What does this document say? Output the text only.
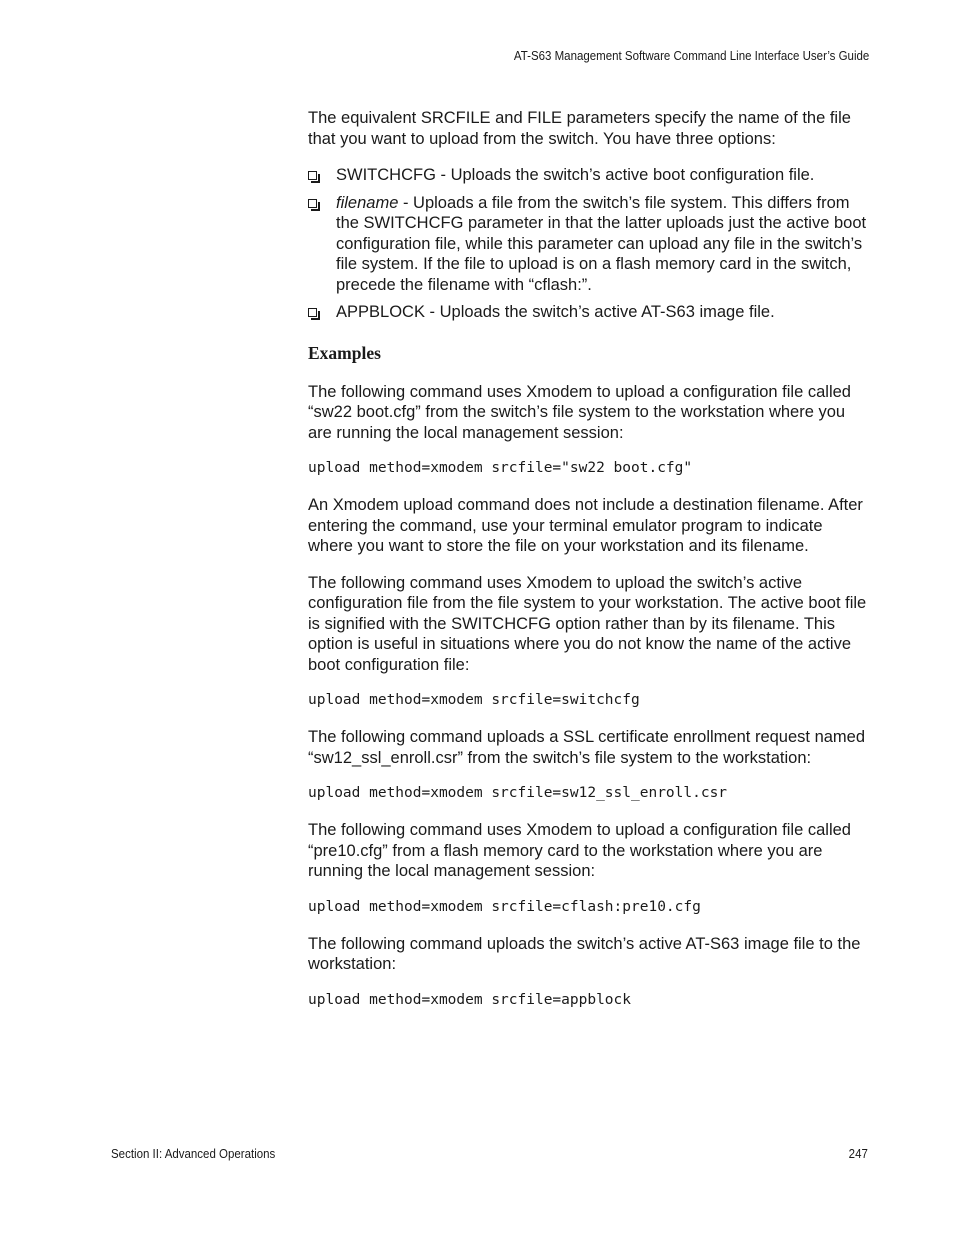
AT-S63 Management Software Command Line Interface User’s Guide

The equivalent SRCFILE and FILE parameters specify the name of the file that you want to upload from the switch. You have three options:

SWITCHCFG - Uploads the switch’s active boot configuration file.
filename - Uploads a file from the switch’s file system. This differs from the SWITCHCFG parameter in that the latter uploads just the active boot configuration file, while this parameter can upload any file in the switch’s file system. If the file to upload is on a flash memory card in the switch, precede the filename with “cflash:”.
APPBLOCK - Uploads the switch’s active AT-S63 image file.
Examples

The following command uses Xmodem to upload a configuration file called “sw22 boot.cfg” from the switch’s file system to the workstation where you are running the local management session:

upload method=xmodem srcfile="sw22 boot.cfg"

An Xmodem upload command does not include a destination filename. After entering the command, use your terminal emulator program to indicate where you want to store the file on your workstation and its filename.

The following command uses Xmodem to upload the switch’s active configuration file from the file system to your workstation. The active boot file is signified with the SWITCHCFG option rather than by its filename. This option is useful in situations where you do not know the name of the active boot configuration file:

upload method=xmodem srcfile=switchcfg

The following command uploads a SSL certificate enrollment request named “sw12_ssl_enroll.csr” from the switch’s file system to the workstation:

upload method=xmodem srcfile=sw12_ssl_enroll.csr

The following command uses Xmodem to upload a configuration file called “pre10.cfg” from a flash memory card to the workstation where you are running the local management session:

upload method=xmodem srcfile=cflash:pre10.cfg

The following command uploads the switch’s active AT-S63 image file to the workstation:

upload method=xmodem srcfile=appblock

Section II: Advanced Operations	247
